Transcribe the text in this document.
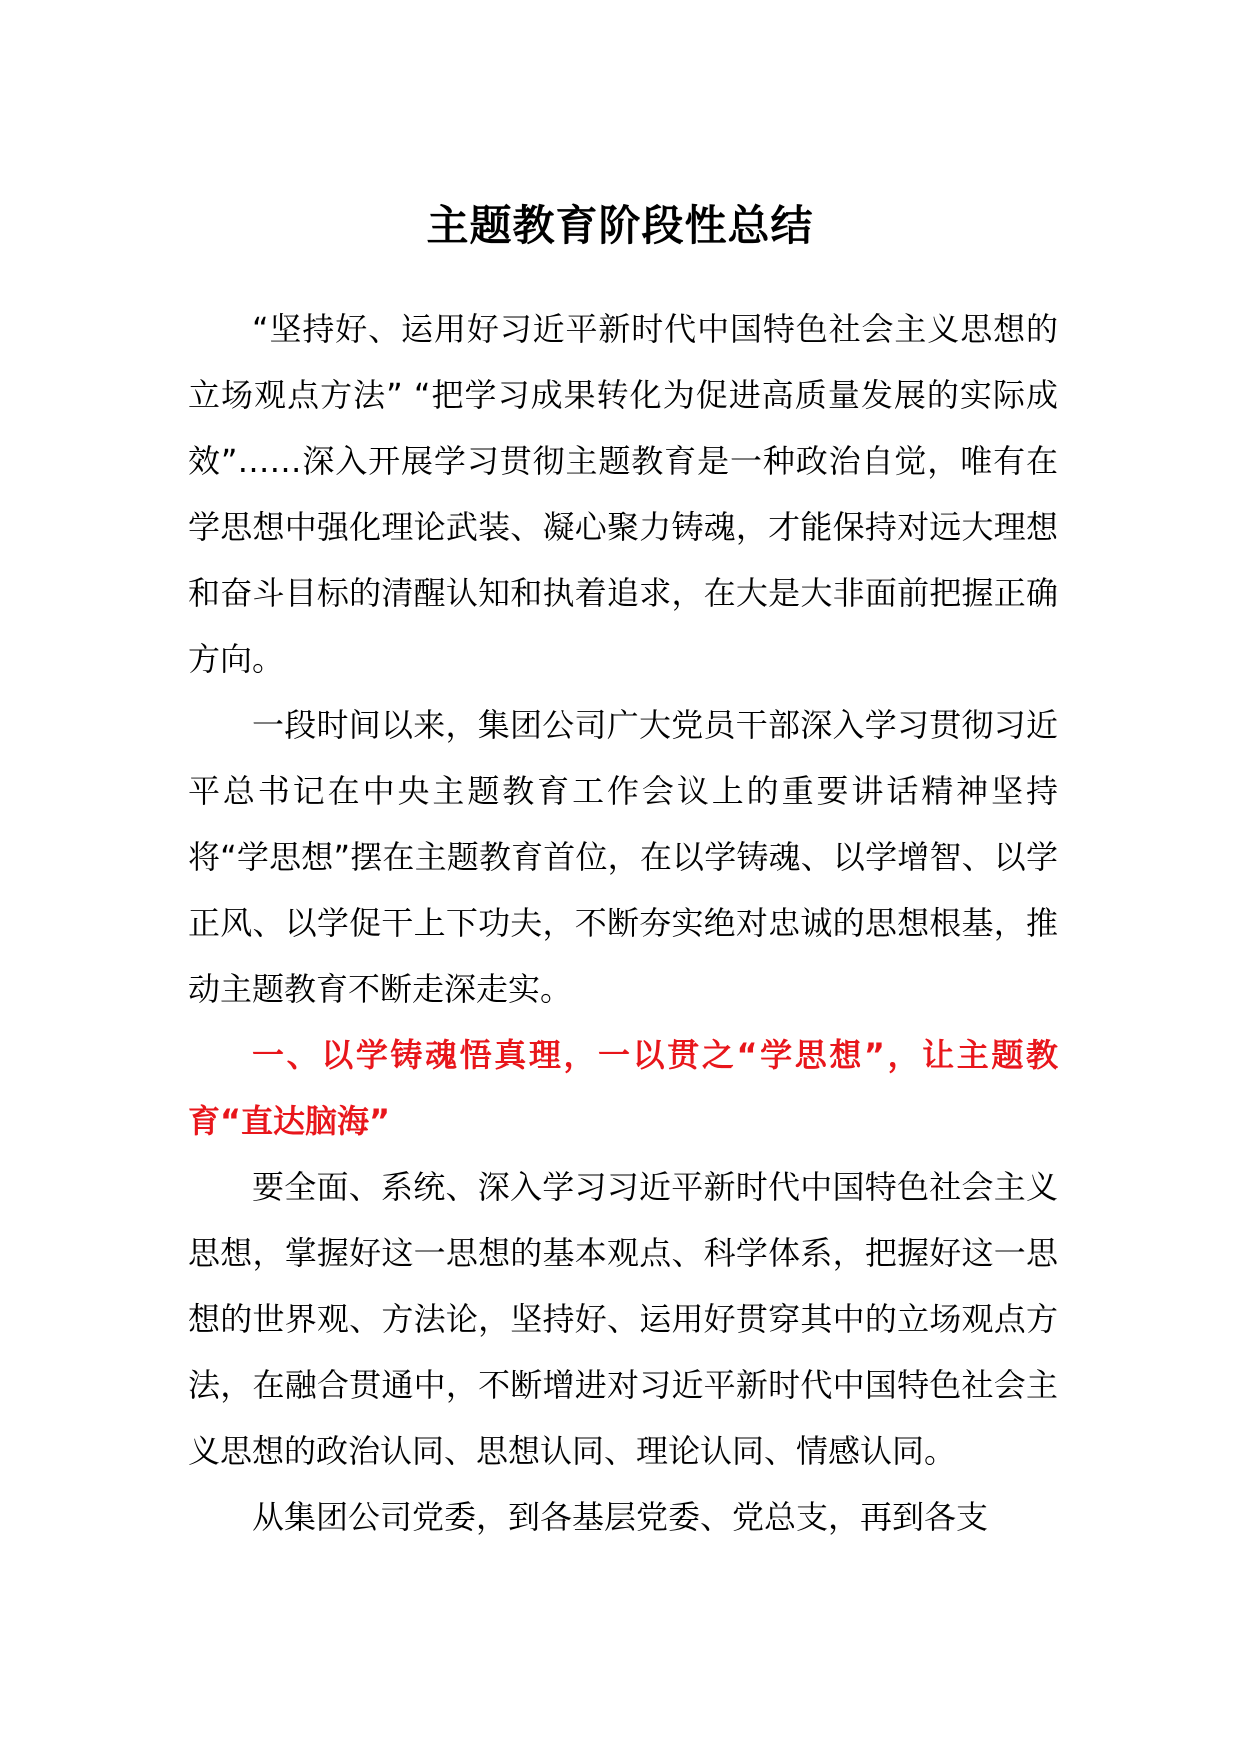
主题教育阶段性总结

“坚持好、运用好习近平新时代中国特色社会主义思想的立场观点方法” “把学习成果转化为促进高质量发展的实际成效”……深入开展学习贯彻主题教育是一种政治自觉，唯有在学思想中强化理论武装、凝心聚力铸魂，才能保持对远大理想和奋斗目标的清醒认知和执着追求，在大是大非面前把握正确方向。

一段时间以来，集团公司广大党员干部深入学习贯彻习近平总书记在中央主题教育工作会议上的重要讲话精神坚持将“学思想”摆在主题教育首位，在以学铸魂、以学增智、以学正风、以学促干上下功夫，不断夯实绝对忠诚的思想根基，推动主题教育不断走深走实。

一、以学铸魂悟真理，一以贯之“学思想”，让主题教育“直达脑海”

要全面、系统、深入学习习近平新时代中国特色社会主义思想，掌握好这一思想的基本观点、科学体系，把握好这一思想的世界观、方法论，坚持好、运用好贯穿其中的立场观点方法，在融合贯通中，不断增进对习近平新时代中国特色社会主义思想的政治认同、思想认同、理论认同、情感认同。

从集团公司党委，到各基层党委、党总支，再到各支
